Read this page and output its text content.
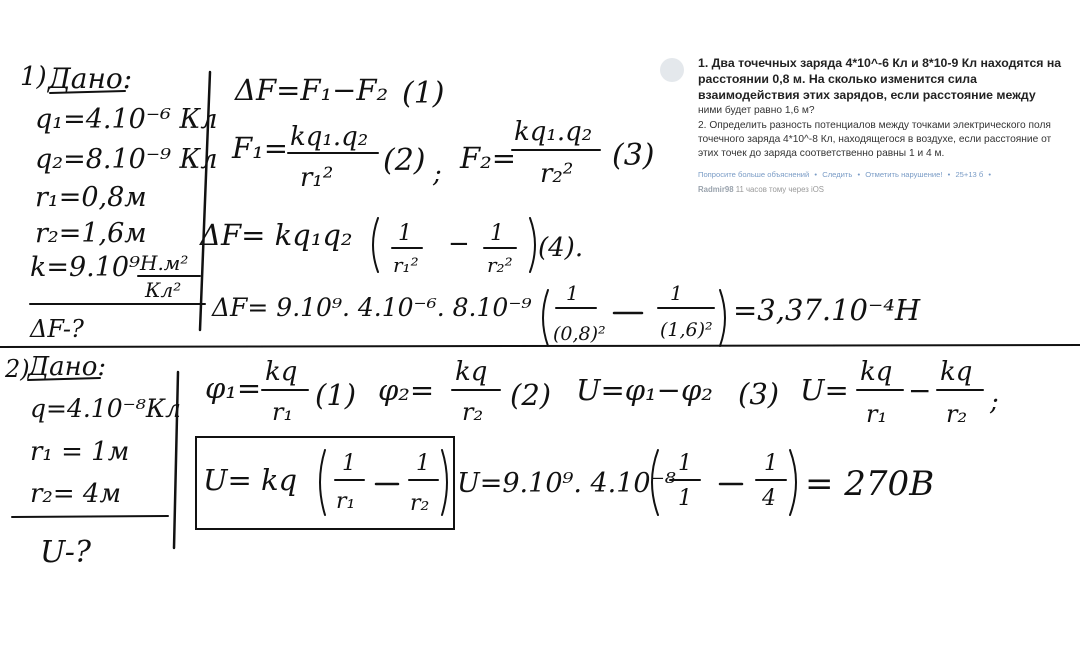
1) Дано:
q₁=4.10⁻⁶ Кл
q₂=8.10⁻⁹ Кл
r₁=0,8м
r₂=1,6м
k=9.10⁹ Н.м²
Кл²
ΔF-?
ΔF=F₁−F₂ (1)
F₁= kq₁.q₂
r₁² (2) ; F₂=
kq₁.q₂
r₂²
(3)
ΔF= kq₁q₂ 1
r₁²
− 1
r₂²
(4).
ΔF= 9.10⁹. 4.10⁻⁶. 8.10⁻⁹ 1
(0,8)²
1
(1,6)²
=3,37.10⁻⁴Н
2)
Дано:
q=4.10⁻⁸Кл
r₁ = 1м
r₂= 4м
U-?
φ₁= kq
r₁ (1) φ₂=
kq
r₂ (2) U=φ₁−φ₂ (3) U=
kq
r₁
−
kq
r₂ ;
U= kq 1
r₁
1
r₂
U=9.10⁹. 4.10⁻⁸
1
1
1
4 = 270В

1. Два точечных заряда 4*10^-6 Кл и 8*10-9 Кл находятся на расстоянии 0,8 м. На сколько изменится сила взаимодействия этих зарядов, если расстояние между

ними будет равно 1,6 м?

2. Определить разность потенциалов между точками электрического поля точечного заряда 4*10^-8 Кл, находящегося в воздухе, если расстояние от этих точек до заряда соответственно равны 1 и 4 м.

Попросите больше объяснений • Следить • Отметить нарушение! • 25+13 б •
Radmir98 11 часов тому через iOS
